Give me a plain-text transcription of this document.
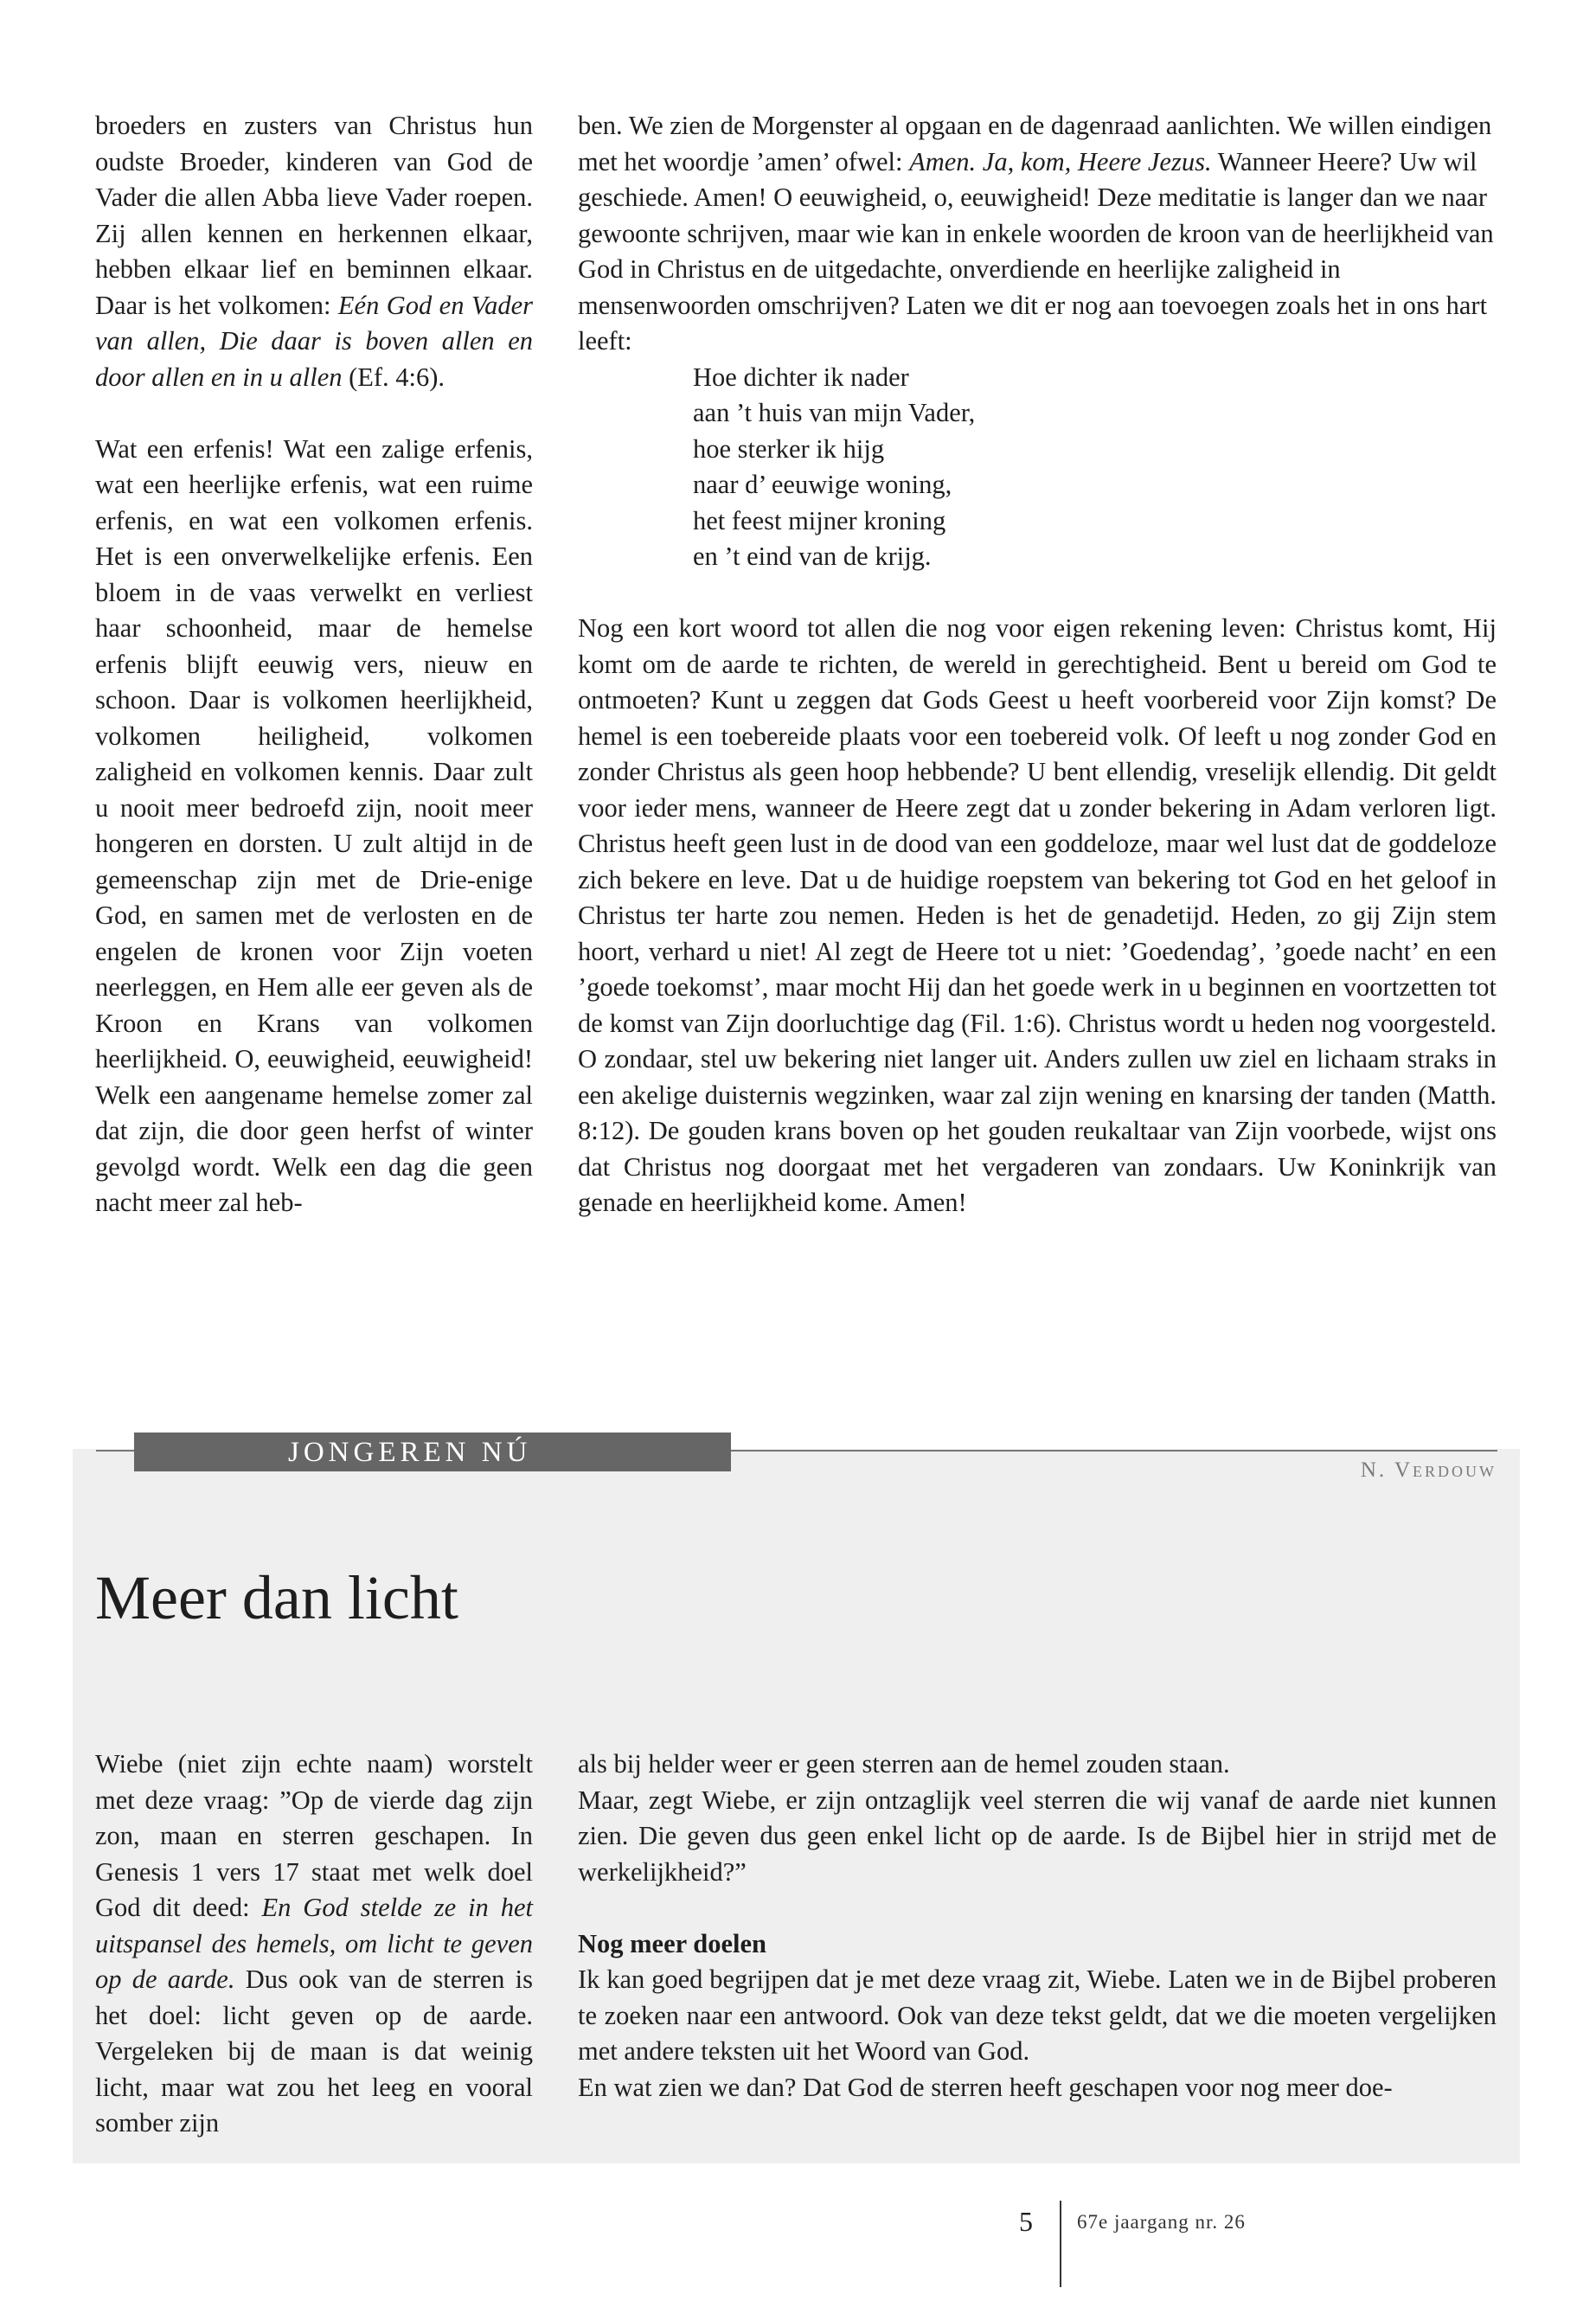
broeders en zusters van Christus hun oudste Broeder, kinderen van God de Vader die allen Abba lieve Vader roepen. Zij allen kennen en herkennen elkaar, hebben elkaar lief en beminnen elkaar. Daar is het volkomen: Eén God en Vader van allen, Die daar is boven allen en door allen en in u allen (Ef. 4:6).

Wat een erfenis! Wat een zalige erfenis, wat een heerlijke erfenis, wat een ruime erfenis, en wat een volkomen erfenis. Het is een onverwelkelijke erfenis. Een bloem in de vaas verwelkt en verliest haar schoonheid, maar de hemelse erfenis blijft eeuwig vers, nieuw en schoon. Daar is volkomen heerlijkheid, volkomen heiligheid, volkomen zaligheid en volkomen kennis. Daar zult u nooit meer bedroefd zijn, nooit meer hongeren en dorsten. U zult altijd in de gemeenschap zijn met de Drie-enige God, en samen met de verlosten en de engelen de kronen voor Zijn voeten neerleggen, en Hem alle eer geven als de Kroon en Krans van volkomen heerlijkheid. O, eeuwigheid, eeuwigheid! Welk een aangename hemelse zomer zal dat zijn, die door geen herfst of winter gevolgd wordt. Welk een dag die geen nacht meer zal heb-

ben. We zien de Morgenster al opgaan en de dagenraad aanlichten. We willen eindigen met het woordje ’amen’ ofwel: Amen. Ja, kom, Heere Jezus. Wanneer Heere? Uw wil geschiede. Amen! O eeuwigheid, o, eeuwigheid! Deze meditatie is langer dan we naar gewoonte schrijven, maar wie kan in enkele woorden de kroon van de heerlijkheid van God in Christus en de uitgedachte, onverdiende en heerlijke zaligheid in mensenwoorden omschrijven? Laten we dit er nog aan toevoegen zoals het in ons hart leeft:

Hoe dichter ik nader
aan ’t huis van mijn Vader,
hoe sterker ik hijg
naar d’ eeuwige woning,
het feest mijner kroning
en ’t eind van de krijg.

Nog een kort woord tot allen die nog voor eigen rekening leven: Christus komt, Hij komt om de aarde te richten, de wereld in gerechtigheid. Bent u bereid om God te ontmoeten? Kunt u zeggen dat Gods Geest u heeft voorbereid voor Zijn komst? De hemel is een toebereide plaats voor een toebereid volk. Of leeft u nog zonder God en zonder Christus als geen hoop hebbende? U bent ellendig, vreselijk ellendig. Dit geldt voor ieder mens, wanneer de Heere zegt dat u zonder bekering in Adam verloren ligt. Christus heeft geen lust in de dood van een goddeloze, maar wel lust dat de goddeloze zich bekere en leve. Dat u de huidige roepstem van bekering tot God en het geloof in Christus ter harte zou nemen. Heden is het de genadetijd. Heden, zo gij Zijn stem hoort, verhard u niet! Al zegt de Heere tot u niet: ’Goedendag’, ’goede nacht’ en een ’goede toekomst’, maar mocht Hij dan het goede werk in u beginnen en voortzetten tot de komst van Zijn doorluchtige dag (Fil. 1:6). Christus wordt u heden nog voorgesteld. O zondaar, stel uw bekering niet langer uit. Anders zullen uw ziel en lichaam straks in een akelige duisternis wegzinken, waar zal zijn wening en knarsing der tanden (Matth. 8:12). De gouden krans boven op het gouden reukaltaar van Zijn voorbede, wijst ons dat Christus nog doorgaat met het vergaderen van zondaars. Uw Koninkrijk van genade en heerlijkheid kome. Amen!

JONGEREN NÚ
N. Verdouw
Meer dan licht

Wiebe (niet zijn echte naam) worstelt met deze vraag: ”Op de vierde dag zijn zon, maan en sterren geschapen. In Genesis 1 vers 17 staat met welk doel God dit deed: En God stelde ze in het uitspansel des hemels, om licht te geven op de aarde. Dus ook van de sterren is het doel: licht geven op de aarde. Vergeleken bij de maan is dat weinig licht, maar wat zou het leeg en vooral somber zijn

als bij helder weer er geen sterren aan de hemel zouden staan.

Maar, zegt Wiebe, er zijn ontzaglijk veel sterren die wij vanaf de aarde niet kunnen zien. Die geven dus geen enkel licht op de aarde. Is de Bijbel hier in strijd met de werkelijkheid?”

Nog meer doelen

Ik kan goed begrijpen dat je met deze vraag zit, Wiebe. Laten we in de Bijbel proberen te zoeken naar een antwoord. Ook van deze tekst geldt, dat we die moeten vergelijken met andere teksten uit het Woord van God.

En wat zien we dan? Dat God de sterren heeft geschapen voor nog meer doe-

5 67e jaargang nr. 26
